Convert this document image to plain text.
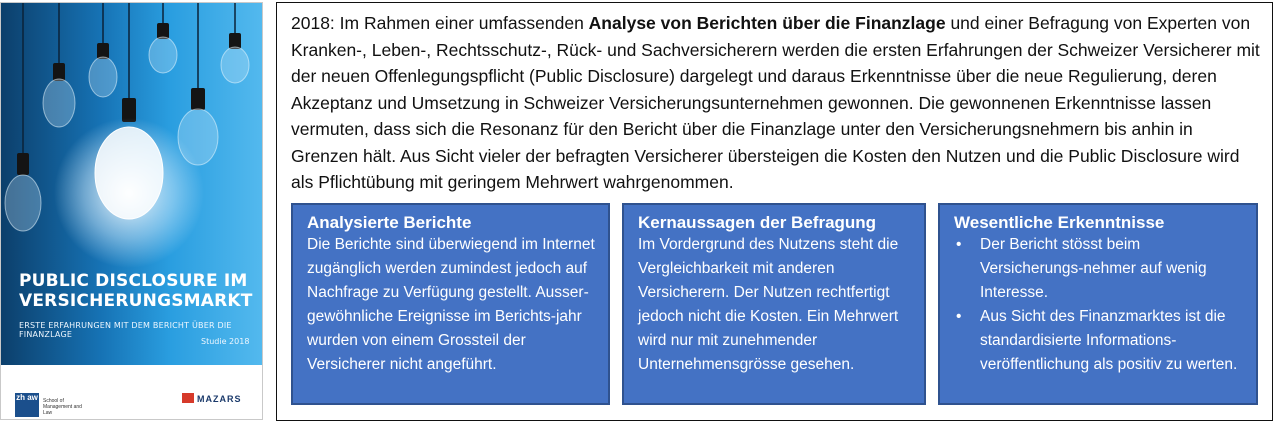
PUBLIC DISCLOSURE IM
VERSICHERUNGSMARKT
ERSTE ERFAHRUNGEN MIT DEM BERICHT ÜBER DIE FINANZLAGE
Studie 2018
zh aw School of Management and Law
MAZARS
2018: Im Rahmen einer umfassenden Analyse von Berichten über die Finanzlage und einer Befragung von Experten von Kranken-, Leben-, Rechtsschutz-, Rück- und Sachversicherern werden die ersten Erfahrungen der Schweizer Versicherer mit der neuen Offenlegungspflicht (Public Disclosure) dargelegt und daraus Erkenntnisse über die neue Regulierung, deren Akzeptanz und Umsetzung in Schweizer Versicherungsunternehmen gewonnen. Die gewonnenen Erkenntnisse lassen vermuten, dass sich die Resonanz für den Bericht über die Finanzlage unter den Versicherungsnehmern bis anhin in Grenzen hält. Aus Sicht vieler der befragten Versicherer übersteigen die Kosten den Nutzen und die Public Disclosure wird als Pflichtübung mit geringem Mehrwert wahrgenommen.
Analysierte Berichte

Die Berichte sind überwiegend im Internet zugänglich werden zumindest jedoch auf Nachfrage zu Verfügung gestellt. Ausser-gewöhnliche Ereignisse im Berichts-jahr wurden von einem Grossteil der Versicherer nicht angeführt.

Kernaussagen der Befragung

Im Vordergrund des Nutzens steht die Vergleichbarkeit mit anderen Versicherern. Der Nutzen rechtfertigt jedoch nicht die Kosten. Ein Mehrwert wird nur mit zunehmender Unternehmensgrösse gesehen.

Wesentliche Erkenntnisse
• Der Bericht stösst beim Versicherungs-nehmer auf wenig Interesse.
• Aus Sicht des Finanzmarktes ist die standardisierte Informations-veröffentlichung als positiv zu werten.
